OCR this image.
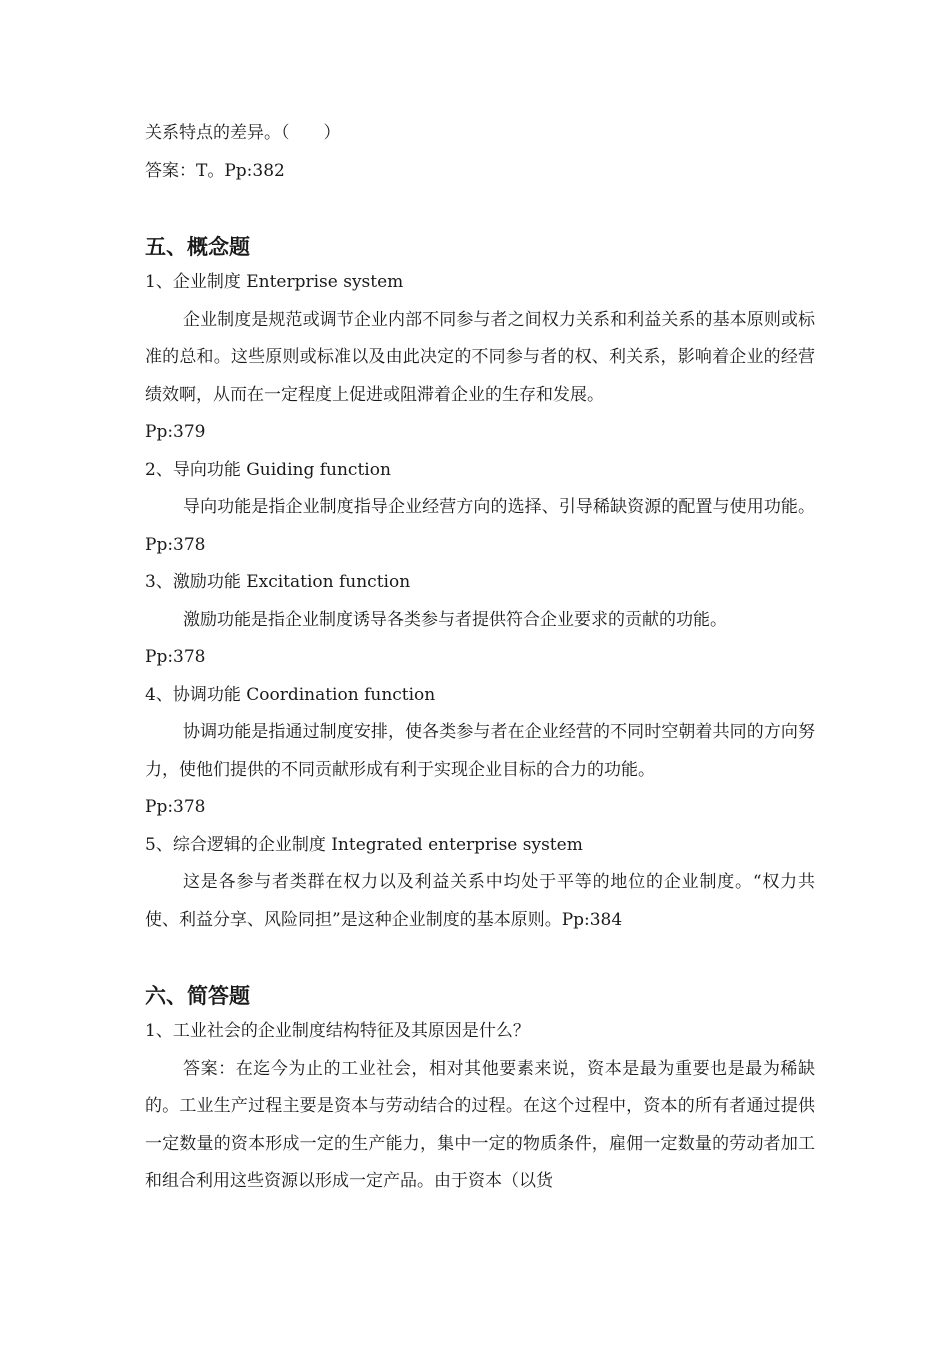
关系特点的差异。（　　）

答案：T。Pp:382

五、概念题

1、企业制度 Enterprise system

企业制度是规范或调节企业内部不同参与者之间权力关系和利益关系的基本原则或标准的总和。这些原则或标准以及由此决定的不同参与者的权、利关系，影响着企业的经营绩效啊，从而在一定程度上促进或阻滞着企业的生存和发展。

Pp:379

2、导向功能 Guiding function

导向功能是指企业制度指导企业经营方向的选择、引导稀缺资源的配置与使用功能。Pp:378

3、激励功能 Excitation function

激励功能是指企业制度诱导各类参与者提供符合企业要求的贡献的功能。

Pp:378

4、协调功能 Coordination function

协调功能是指通过制度安排，使各类参与者在企业经营的不同时空朝着共同的方向努力，使他们提供的不同贡献形成有利于实现企业目标的合力的功能。

Pp:378

5、综合逻辑的企业制度 Integrated enterprise system

这是各参与者类群在权力以及利益关系中均处于平等的地位的企业制度。“权力共使、利益分享、风险同担”是这种企业制度的基本原则。Pp:384

六、简答题

1、工业社会的企业制度结构特征及其原因是什么？

答案：在迄今为止的工业社会，相对其他要素来说，资本是最为重要也是最为稀缺的。工业生产过程主要是资本与劳动结合的过程。在这个过程中，资本的所有者通过提供一定数量的资本形成一定的生产能力，集中一定的物质条件，雇佣一定数量的劳动者加工和组合利用这些资源以形成一定产品。由于资本（以货
